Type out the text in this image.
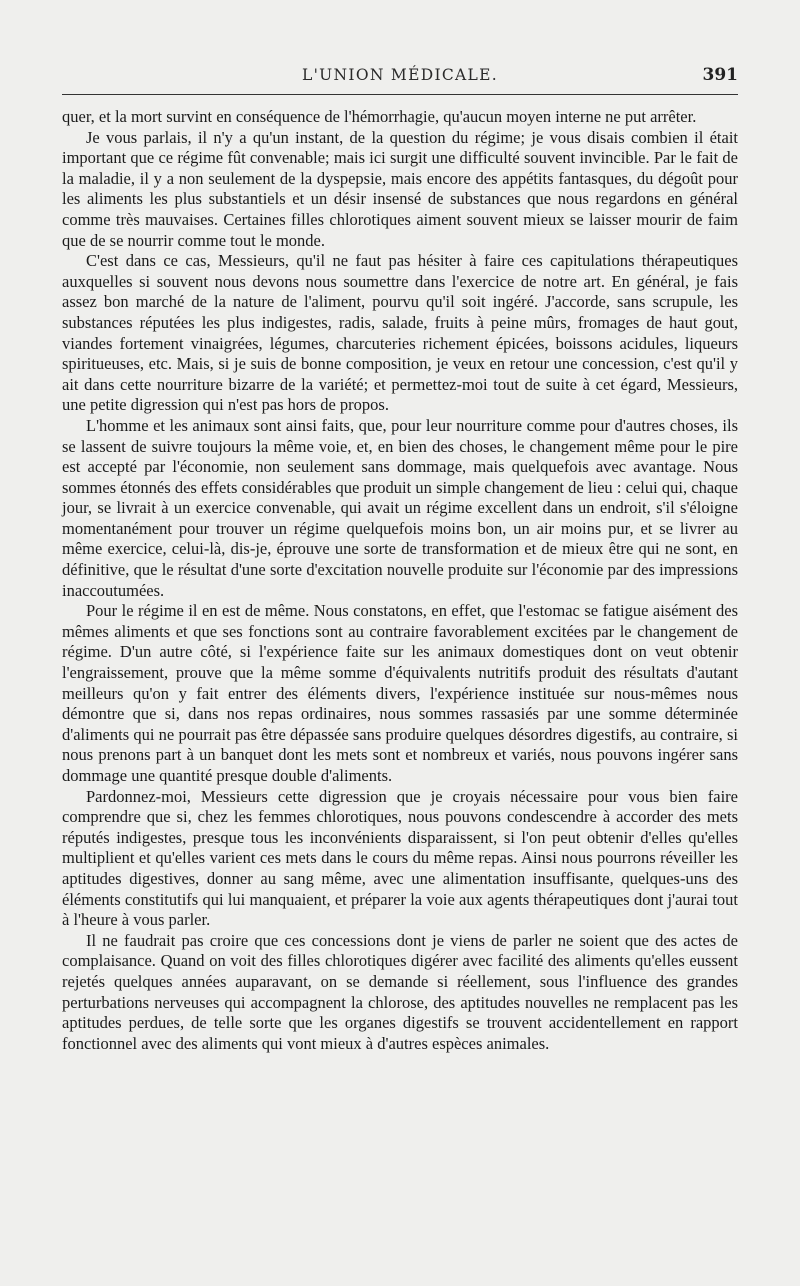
L'UNION MÉDICALE.	391

quer, et la mort survint en conséquence de l'hémorrhagie, qu'aucun moyen interne ne put arrêter.

Je vous parlais, il n'y a qu'un instant, de la question du régime; je vous disais combien il était important que ce régime fût convenable; mais ici surgit une difficulté souvent invincible. Par le fait de la maladie, il y a non seulement de la dyspepsie, mais encore des appétits fantasques, du dégoût pour les aliments les plus substantiels et un désir insensé de substances que nous regardons en général comme très mauvaises. Certaines filles chlorotiques aiment souvent mieux se laisser mourir de faim que de se nourrir comme tout le monde.

C'est dans ce cas, Messieurs, qu'il ne faut pas hésiter à faire ces capitulations thérapeutiques auxquelles si souvent nous devons nous soumettre dans l'exercice de notre art. En général, je fais assez bon marché de la nature de l'aliment, pourvu qu'il soit ingéré. J'accorde, sans scrupule, les substances réputées les plus indigestes, radis, salade, fruits à peine mûrs, fromages de haut gout, viandes fortement vinaigrées, légumes, charcuteries richement épicées, boissons acidules, liqueurs spiritueuses, etc. Mais, si je suis de bonne composition, je veux en retour une concession, c'est qu'il y ait dans cette nourriture bizarre de la variété; et permettez-moi tout de suite à cet égard, Messieurs, une petite digression qui n'est pas hors de propos.

L'homme et les animaux sont ainsi faits, que, pour leur nourriture comme pour d'autres choses, ils se lassent de suivre toujours la même voie, et, en bien des choses, le changement même pour le pire est accepté par l'économie, non seulement sans dommage, mais quelquefois avec avantage. Nous sommes étonnés des effets considérables que produit un simple changement de lieu : celui qui, chaque jour, se livrait à un exercice convenable, qui avait un régime excellent dans un endroit, s'il s'éloigne momentanément pour trouver un régime quelquefois moins bon, un air moins pur, et se livrer au même exercice, celui-là, dis-je, éprouve une sorte de transformation et de mieux être qui ne sont, en définitive, que le résultat d'une sorte d'excitation nouvelle produite sur l'économie par des impressions inaccoutumées.

Pour le régime il en est de même. Nous constatons, en effet, que l'estomac se fatigue aisément des mêmes aliments et que ses fonctions sont au contraire favorablement excitées par le changement de régime. D'un autre côté, si l'expérience faite sur les animaux domestiques dont on veut obtenir l'engraissement, prouve que la même somme d'équivalents nutritifs produit des résultats d'autant meilleurs qu'on y fait entrer des éléments divers, l'expérience instituée sur nous-mêmes nous démontre que si, dans nos repas ordinaires, nous sommes rassasiés par une somme déterminée d'aliments qui ne pourrait pas être dépassée sans produire quelques désordres digestifs, au contraire, si nous prenons part à un banquet dont les mets sont et nombreux et variés, nous pouvons ingérer sans dommage une quantité presque double d'aliments.

Pardonnez-moi, Messieurs cette digression que je croyais nécessaire pour vous bien faire comprendre que si, chez les femmes chlorotiques, nous pouvons condescendre à accorder des mets réputés indigestes, presque tous les inconvénients disparaissent, si l'on peut obtenir d'elles qu'elles multiplient et qu'elles varient ces mets dans le cours du même repas. Ainsi nous pourrons réveiller les aptitudes digestives, donner au sang même, avec une alimentation insuffisante, quelques-uns des éléments constitutifs qui lui manquaient, et préparer la voie aux agents thérapeutiques dont j'aurai tout à l'heure à vous parler.

Il ne faudrait pas croire que ces concessions dont je viens de parler ne soient que des actes de complaisance. Quand on voit des filles chlorotiques digérer avec facilité des aliments qu'elles eussent rejetés quelques années auparavant, on se demande si réellement, sous l'influence des grandes perturbations nerveuses qui accompagnent la chlorose, des aptitudes nouvelles ne remplacent pas les aptitudes perdues, de telle sorte que les organes digestifs se trouvent accidentellement en rapport fonctionnel avec des aliments qui vont mieux à d'autres espèces animales.
